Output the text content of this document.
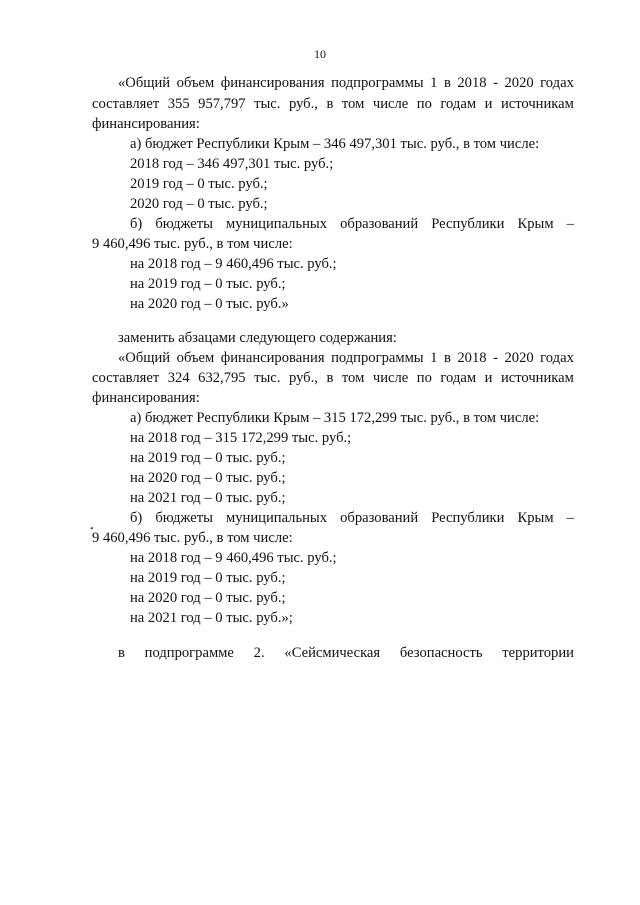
10
«Общий объем финансирования подпрограммы 1 в 2018 - 2020 годах
составляет 355 957,797 тыс. руб., в том числе по годам и источникам
финансирования:
а) бюджет Республики Крым – 346 497,301 тыс. руб., в том числе:
2018 год – 346 497,301 тыс. руб.;
2019 год – 0 тыс. руб.;
2020 год – 0 тыс. руб.;
б) бюджеты муниципальных образований Республики Крым –
9 460,496 тыс. руб., в том числе:
на 2018 год – 9 460,496 тыс. руб.;
на 2019 год – 0 тыс. руб.;
на 2020 год – 0 тыс. руб.»
заменить абзацами следующего содержания:
«Общий объем финансирования подпрограммы 1 в 2018 - 2020 годах
составляет 324 632,795 тыс. руб., в том числе по годам и источникам
финансирования:
а) бюджет Республики Крым – 315 172,299 тыс. руб., в том числе:
на 2018 год – 315 172,299 тыс. руб.;
на 2019 год – 0 тыс. руб.;
на 2020 год – 0 тыс. руб.;
на 2021 год – 0 тыс. руб.;
б) бюджеты муниципальных образований Республики Крым –
9 460,496 тыс. руб., в том числе:
на 2018 год – 9 460,496 тыс. руб.;
на 2019 год – 0 тыс. руб.;
на 2020 год – 0 тыс. руб.;
на 2021 год – 0 тыс. руб.»;
•
в подпрограмме 2. «Сейсмическая безопасность территории
